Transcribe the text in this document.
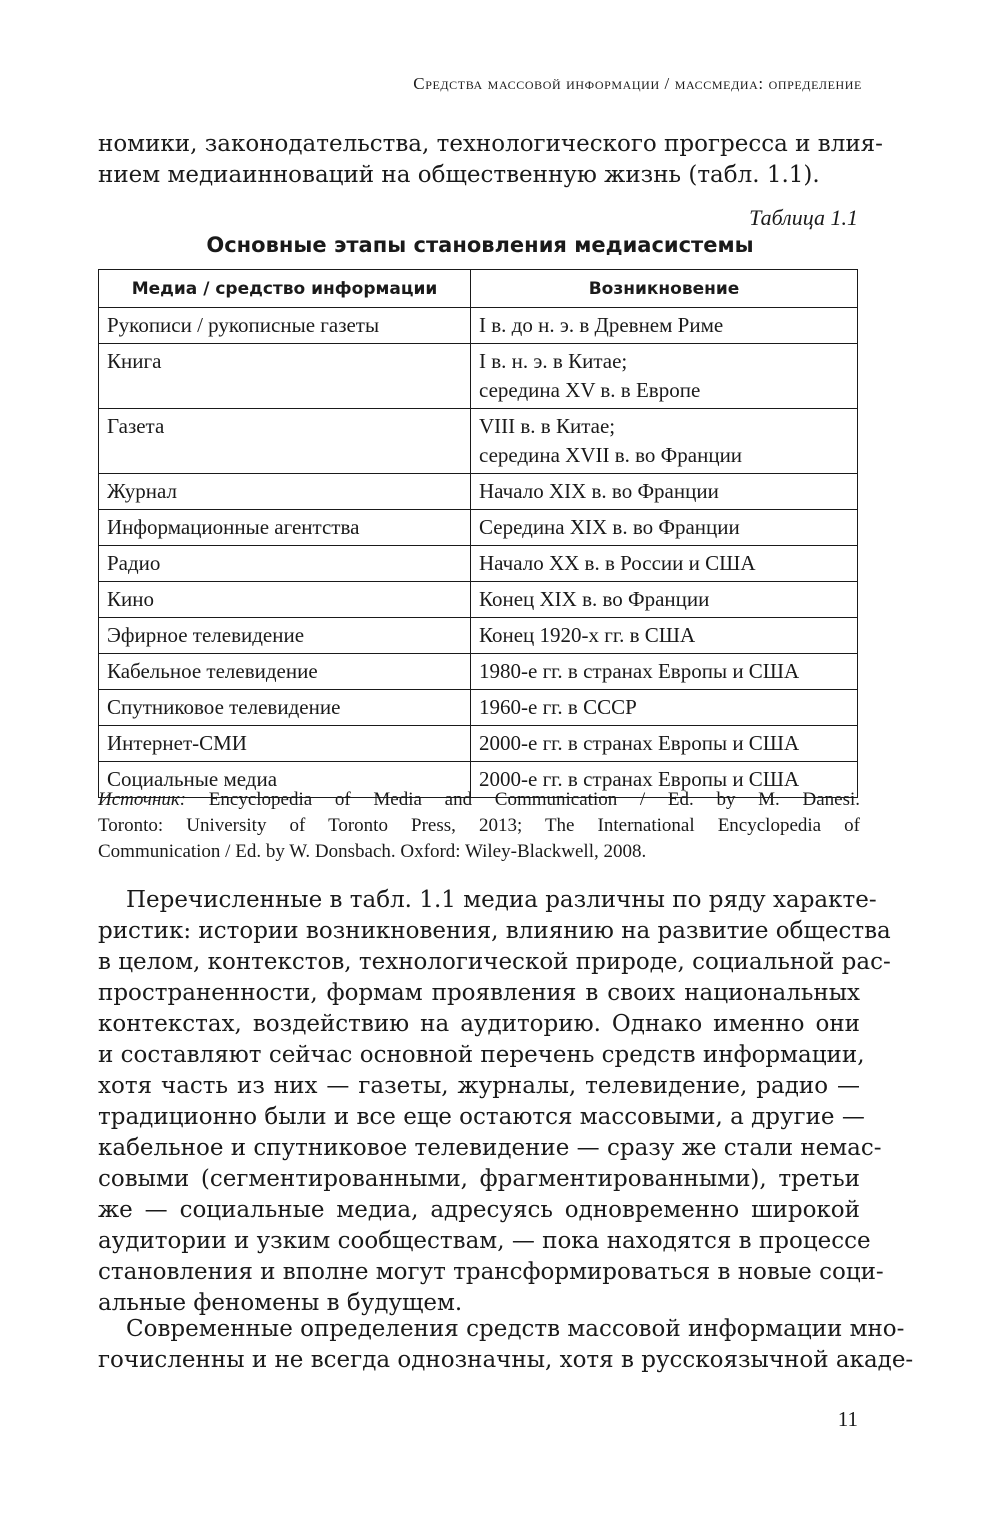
Средства массовой информации / массмедиа: определение
номики, законодательства, технологического прогресса и влия-
нием медиаинноваций на общественную жизнь (табл. 1.1).
Таблица 1.1
Основные этапы становления медиасистемы
Медиа / средство информации	Возникновение
Рукописи / рукописные газеты	I в. до н. э. в Древнем Риме

Книга	I в. н. э. в Китае;
середина XV в. в Европе

Газета	VIII в. в Китае;
середина XVII в. во Франции

Журнал	Начало XIX в. во Франции

Информационные агентства	Середина XIX в. во Франции

Радио	Начало XX в. в России и США

Кино	Конец XIX в. во Франции

Эфирное телевидение	Конец 1920-х гг. в США

Кабельное телевидение	1980-е гг. в странах Европы и США

Спутниковое телевидение	1960-е гг. в СССР

Интернет-СМИ	2000-е гг. в странах Европы и США

Социальные медиа	2000-е гг. в странах Европы и США
Источник: Encyclopedia of Media and Communication / Ed. by M. Danesi.
Toronto: University of Toronto Press, 2013; The International Encyclopedia of
Communication / Ed. by W. Donsbach. Oxford: Wiley-Blackwell, 2008.
Перечисленные в табл. 1.1 медиа различны по ряду характе-
ристик: истории возникновения, влиянию на развитие общества
в целом, контекстов, технологической природе, социальной рас-
пространенности, формам проявления в своих национальных
контекстах, воздействию на аудиторию. Однако именно они
и составляют сейчас основной перечень средств информации,
хотя часть из них — газеты, журналы, телевидение, радио —
традиционно были и все еще остаются массовыми, а другие —
кабельное и спутниковое телевидение — сразу же стали немас-
совыми (сегментированными, фрагментированными), третьи
же — социальные медиа, адресуясь одновременно широкой
аудитории и узким сообществам, — пока находятся в процессе
становления и вполне могут трансформироваться в новые соци-
альные феномены в будущем.
Современные определения средств массовой информации мно-
гочисленны и не всегда однозначны, хотя в русскоязычной акаде-
11
